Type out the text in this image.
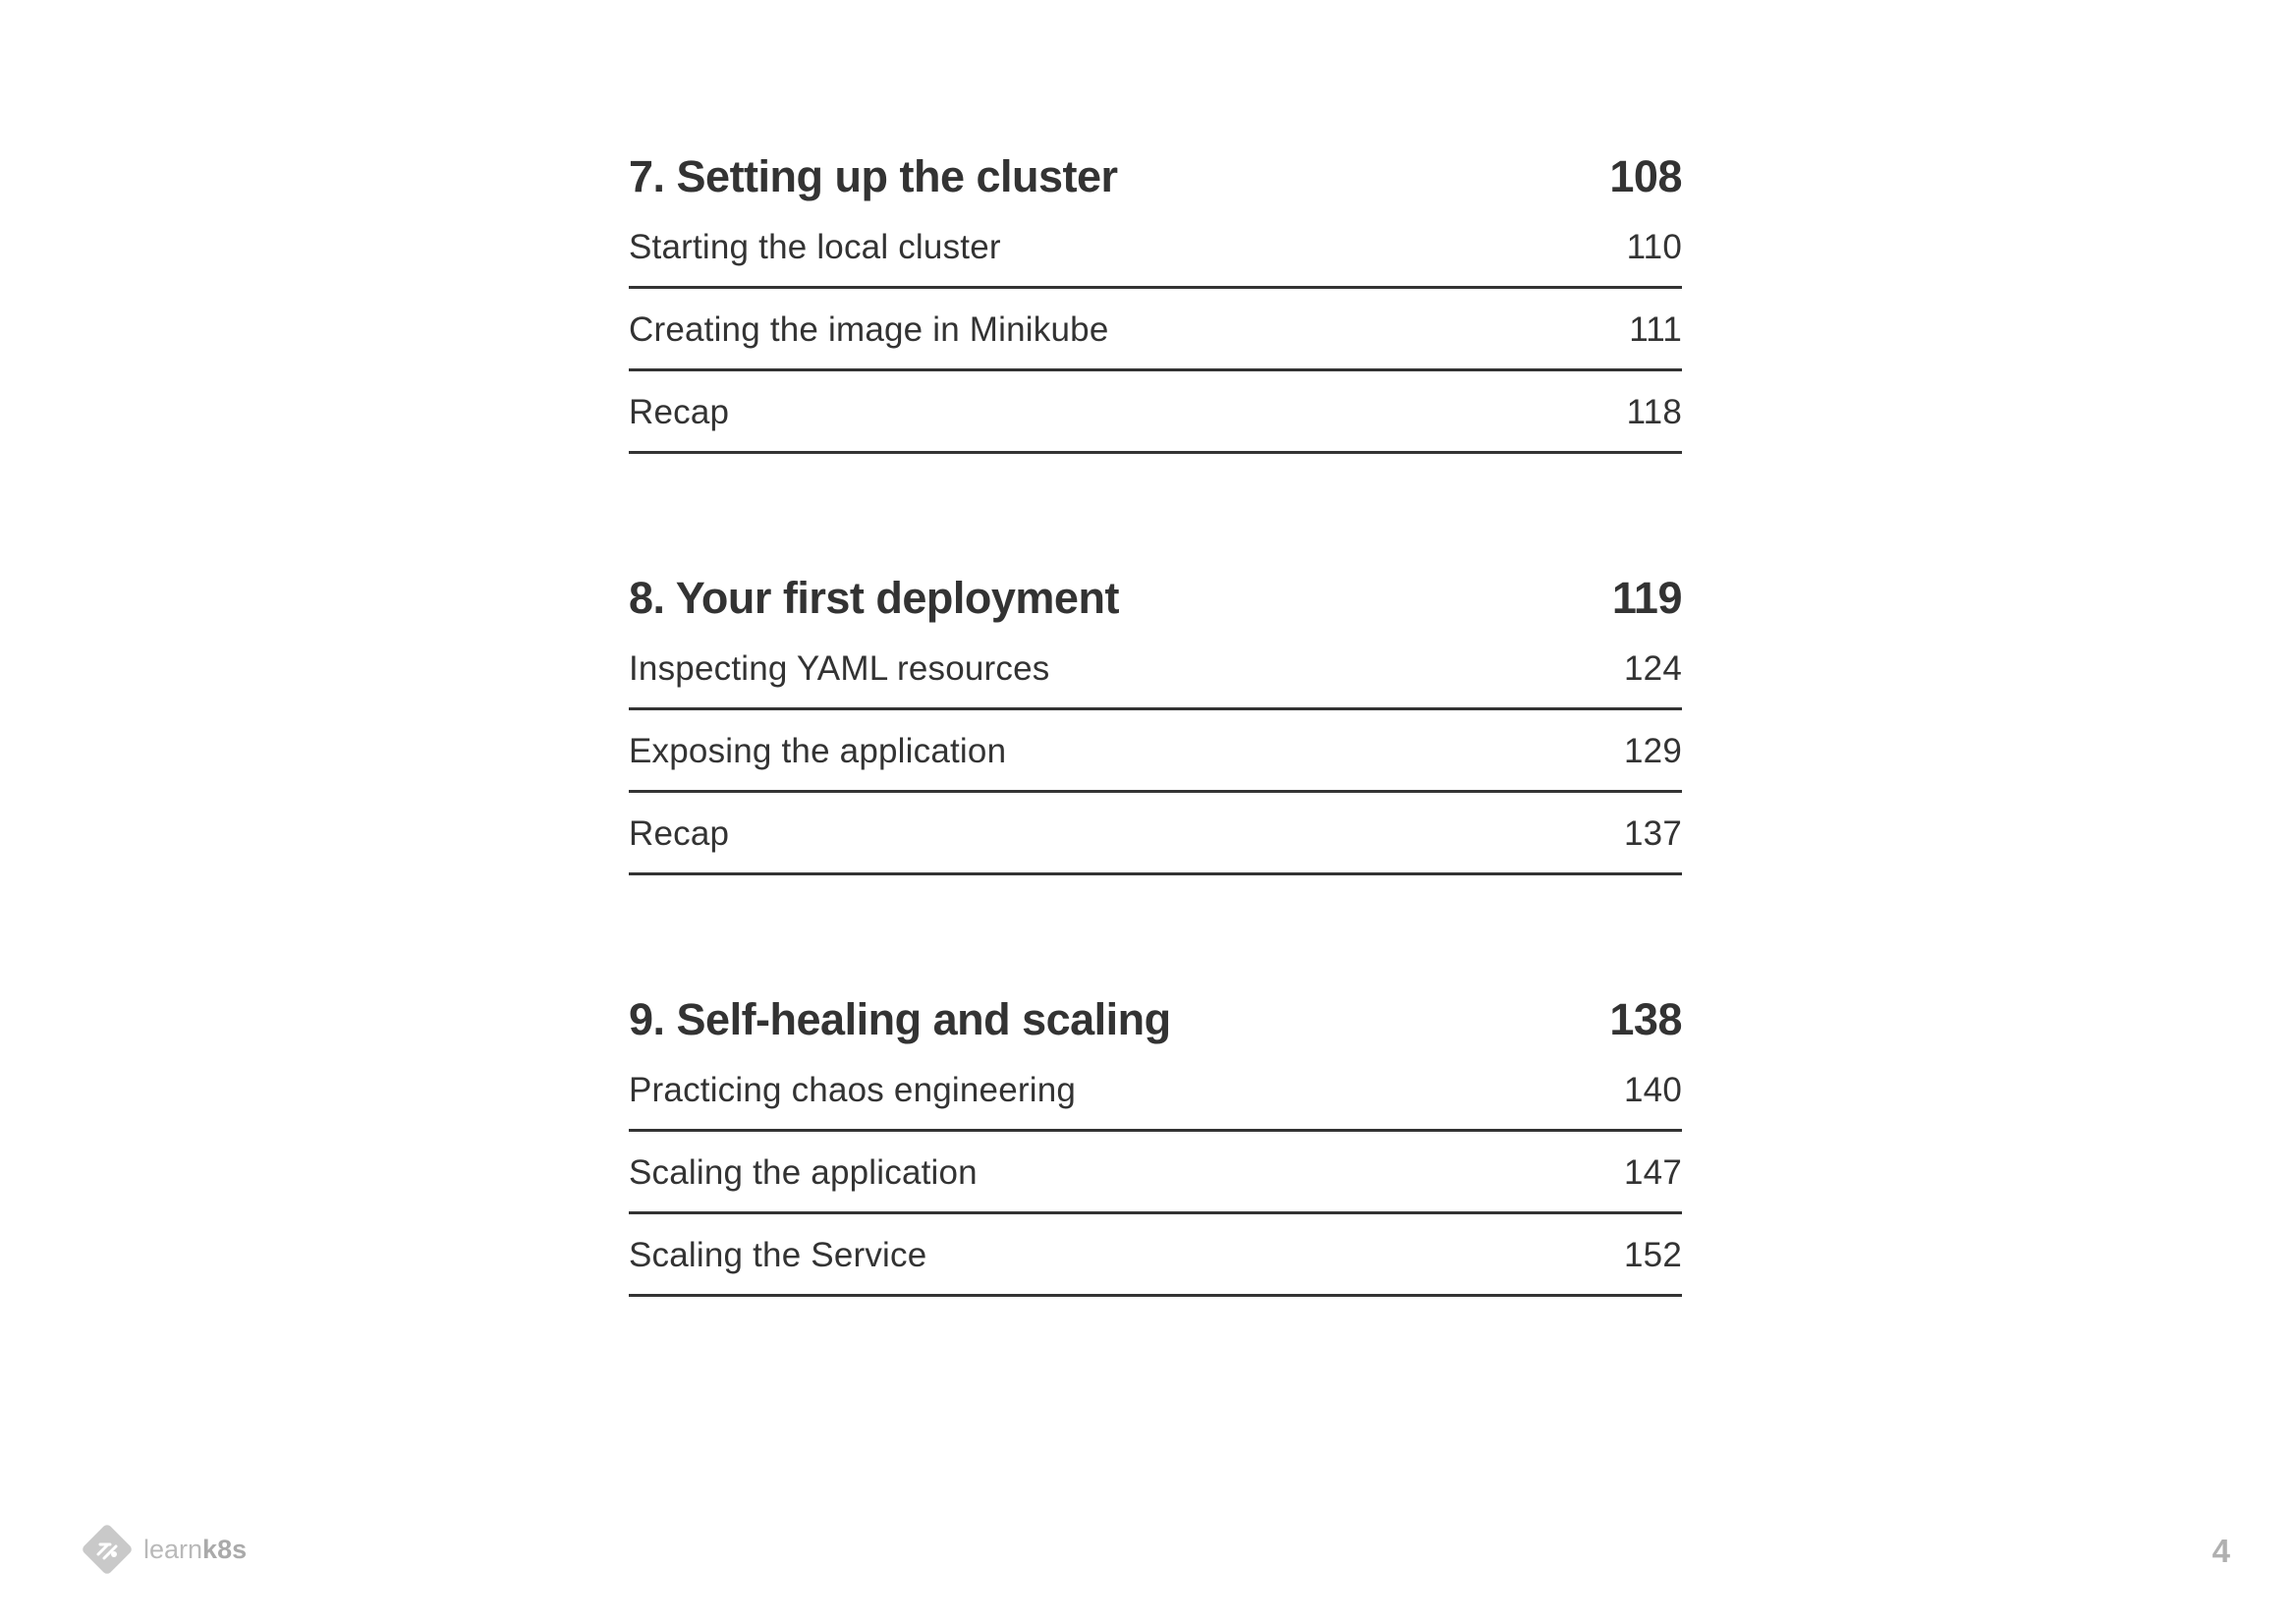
7. Setting up the cluster	108
Starting the local cluster	110
Creating the image in Minikube	111
Recap	118
8. Your first deployment	119
Inspecting YAML resources	124
Exposing the application	129
Recap	137
9. Self-healing and scaling	138
Practicing chaos engineering	140
Scaling the application	147
Scaling the Service	152
learnk8s	4
